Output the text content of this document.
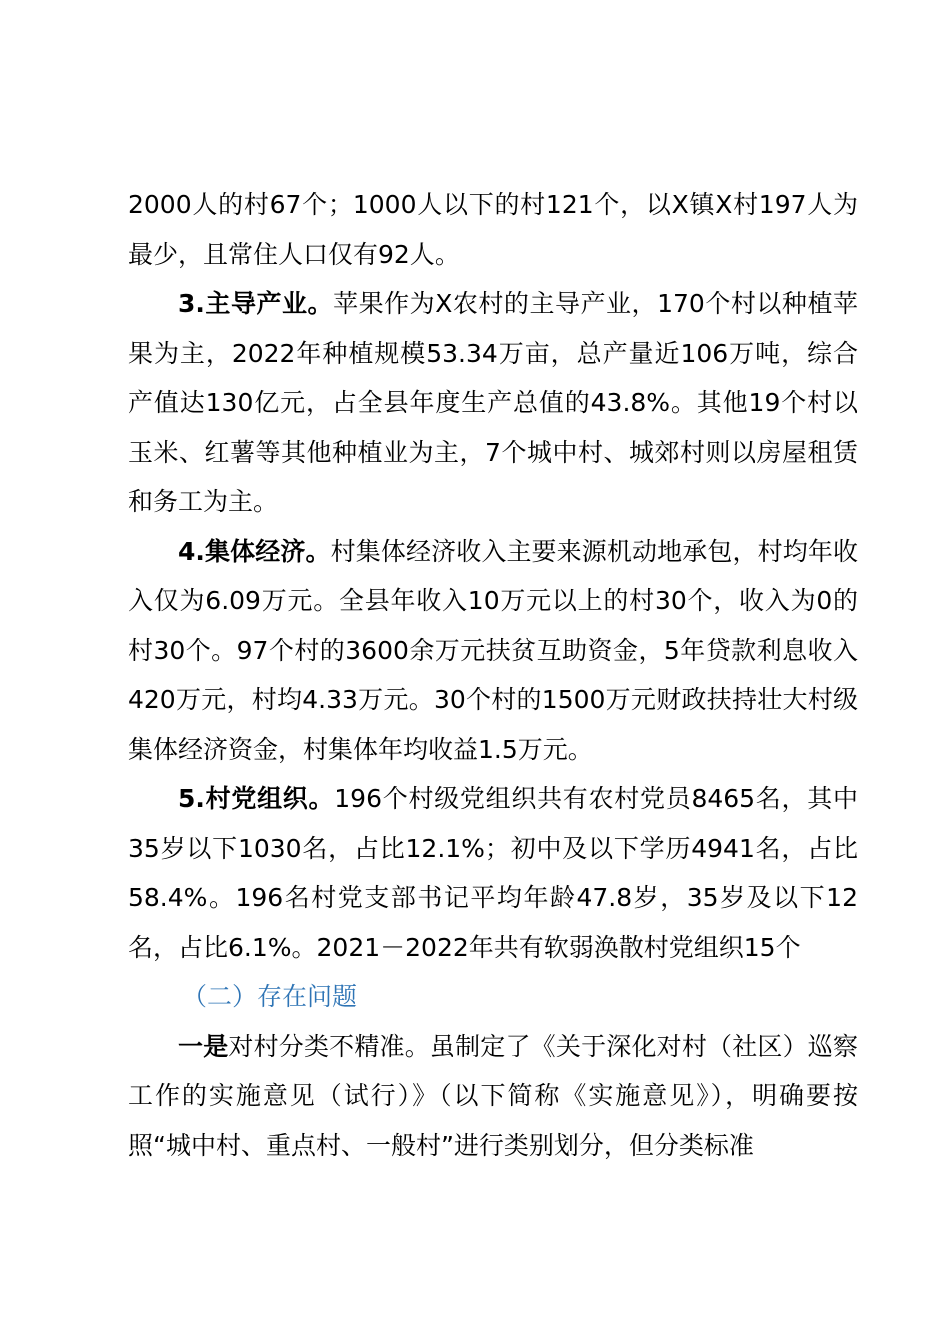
2000人的村67个；1000人以下的村121个，以X镇X村197人为最少，且常住人口仅有92人。

3.主导产业。苹果作为X农村的主导产业，170个村以种植苹果为主，2022年种植规模53.34万亩，总产量近106万吨，综合产值达130亿元，占全县年度生产总值的43.8%。其他19个村以玉米、红薯等其他种植业为主，7个城中村、城郊村则以房屋租赁和务工为主。

4.集体经济。村集体经济收入主要来源机动地承包，村均年收入仅为6.09万元。全县年收入10万元以上的村30个，收入为0的村30个。97个村的3600余万元扶贫互助资金，5年贷款利息收入420万元，村均4.33万元。30个村的1500万元财政扶持壮大村级集体经济资金，村集体年均收益1.5万元。

5.村党组织。196个村级党组织共有农村党员8465名，其中35岁以下1030名，占比12.1%；初中及以下学历4941名，占比58.4%。196名村党支部书记平均年龄47.8岁，35岁及以下12名，占比6.1%。2021－2022年共有软弱涣散村党组织15个

（二）存在问题

一是对村分类不精准。虽制定了《关于深化对村（社区）巡察工作的实施意见（试行）》（以下简称《实施意见》），明确要按照“城中村、重点村、一般村”进行类别划分，但分类标准
